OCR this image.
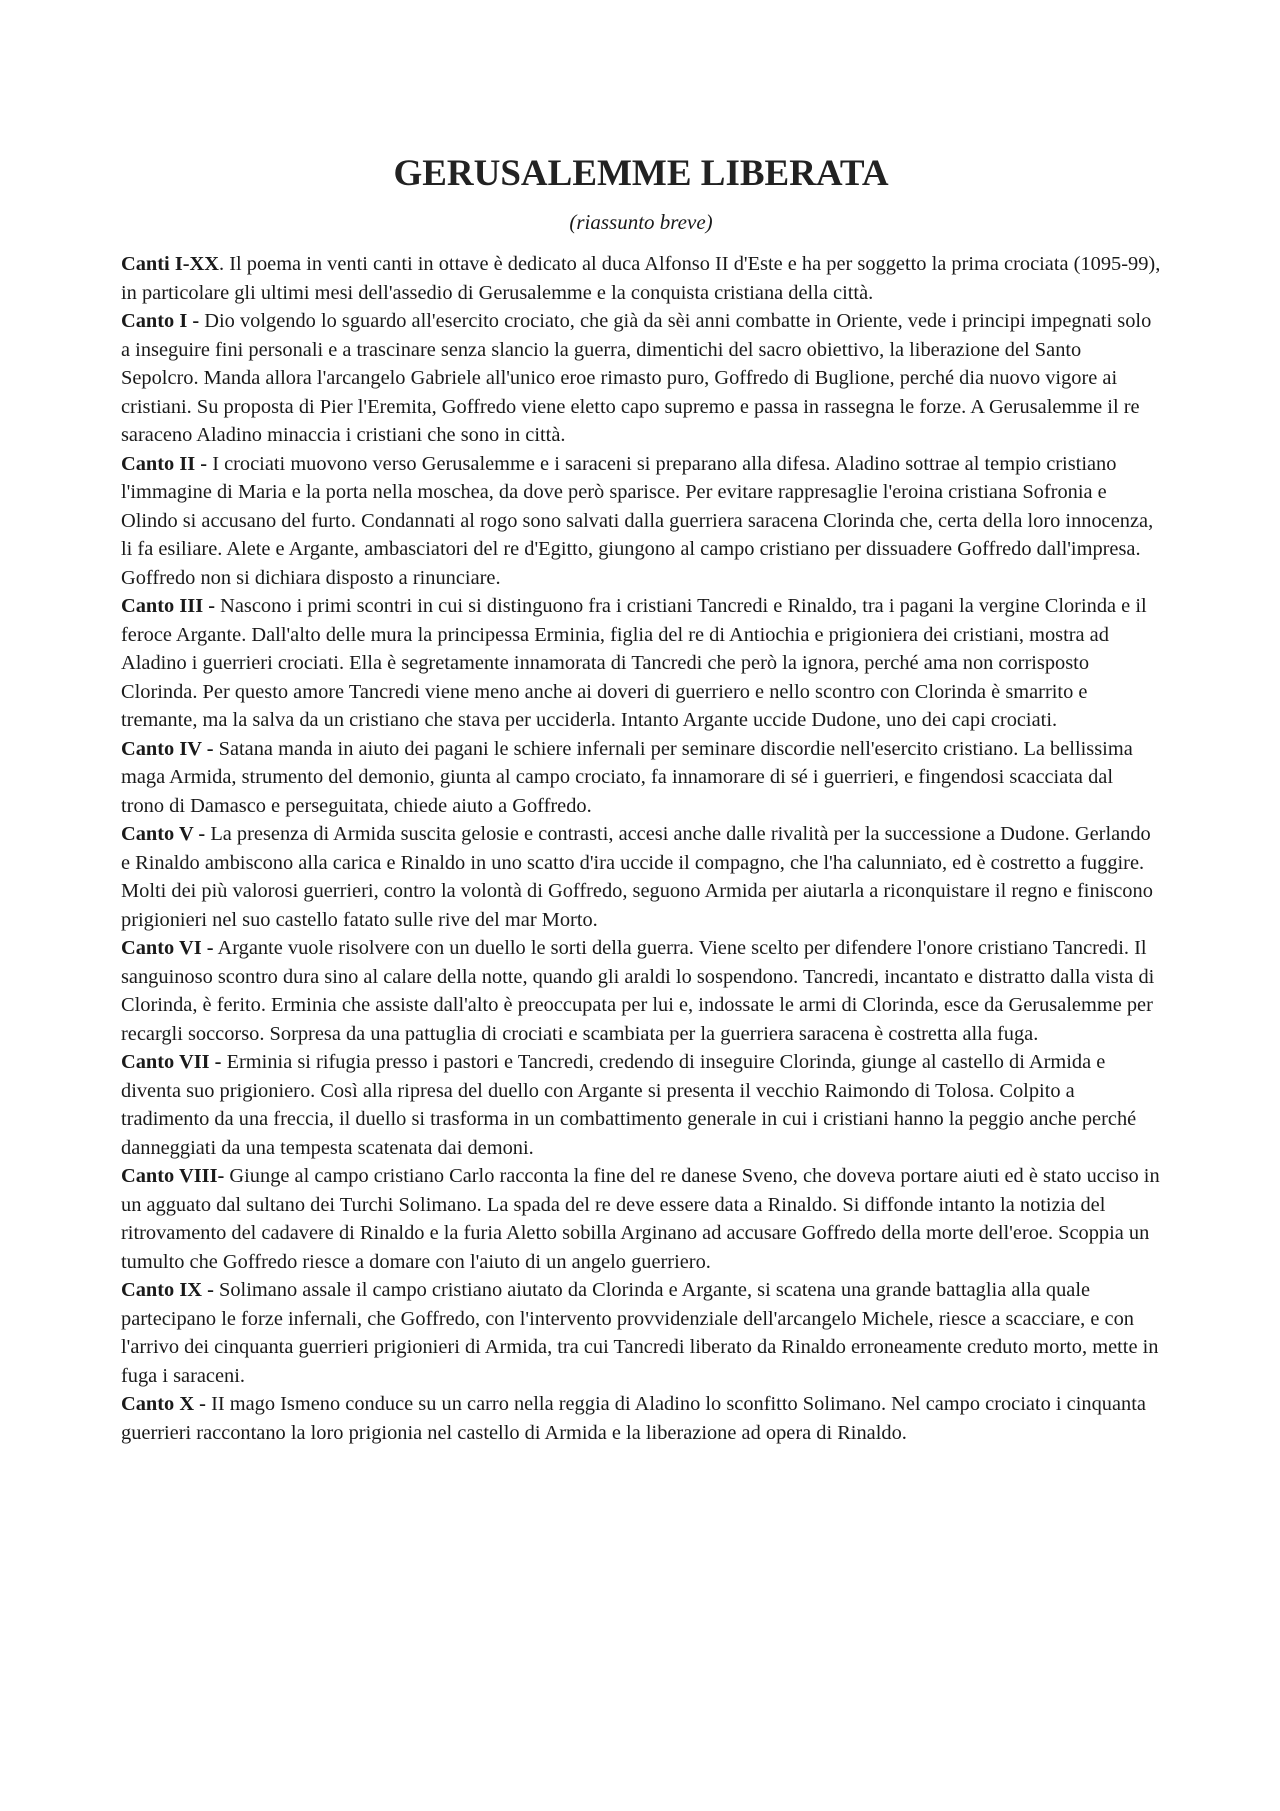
GERUSALEMME LIBERATA
(riassunto breve)

Canti I-XX. Il poema in venti canti in ottave è dedicato al duca Alfonso II d'Este e ha per soggetto la prima crociata (1095-99), in particolare gli ultimi mesi dell'assedio di Gerusalemme e la conquista cristiana della città.

Canto I - Dio volgendo lo sguardo all'esercito crociato, che già da sèi anni combatte in Oriente, vede i principi impegnati solo a inseguire fini personali e a trascinare senza slancio la guerra, dimentichi del sacro obiettivo, la liberazione del Santo Sepolcro. Manda allora l'arcangelo Gabriele all'unico eroe rimasto puro, Goffredo di Buglione, perché dia nuovo vigore ai cristiani. Su proposta di Pier l'Eremita, Goffredo viene eletto capo supremo e passa in rassegna le forze. A Gerusalemme il re saraceno Aladino minaccia i cristiani che sono in città.

Canto II - I crociati muovono verso Gerusalemme e i saraceni si preparano alla difesa. Aladino sottrae al tempio cristiano l'immagine di Maria e la porta nella moschea, da dove però sparisce. Per evitare rappresaglie l'eroina cristiana Sofronia e Olindo si accusano del furto. Condannati al rogo sono salvati dalla guerriera saracena Clorinda che, certa della loro innocenza, li fa esiliare. Alete e Argante, ambasciatori del re d'Egitto, giungono al campo cristiano per dissuadere Goffredo dall'impresa. Goffredo non si dichiara disposto a rinunciare.

Canto III - Nascono i primi scontri in cui si distinguono fra i cristiani Tancredi e Rinaldo, tra i pagani la vergine Clorinda e il feroce Argante. Dall'alto delle mura la principessa Erminia, figlia del re di Antiochia e prigioniera dei cristiani, mostra ad Aladino i guerrieri crociati. Ella è segretamente innamorata di Tancredi che però la ignora, perché ama non corrisposto Clorinda. Per questo amore Tancredi viene meno anche ai doveri di guerriero e nello scontro con Clorinda è smarrito e tremante, ma la salva da un cristiano che stava per ucciderla. Intanto Argante uccide Dudone, uno dei capi crociati.

Canto IV - Satana manda in aiuto dei pagani le schiere infernali per seminare discordie nell'esercito cristiano. La bellissima maga Armida, strumento del demonio, giunta al campo crociato, fa innamorare di sé i guerrieri, e fingendosi scacciata dal trono di Damasco e perseguitata, chiede aiuto a Goffredo.

Canto V - La presenza di Armida suscita gelosie e contrasti, accesi anche dalle rivalità per la successione a Dudone. Gerlando e Rinaldo ambiscono alla carica e Rinaldo in uno scatto d'ira uccide il compagno, che l'ha calunniato, ed è costretto a fuggire. Molti dei più valorosi guerrieri, contro la volontà di Goffredo, seguono Armida per aiutarla a riconquistare il regno e finiscono prigionieri nel suo castello fatato sulle rive del mar Morto.

Canto VI - Argante vuole risolvere con un duello le sorti della guerra. Viene scelto per difendere l'onore cristiano Tancredi. Il sanguinoso scontro dura sino al calare della notte, quando gli araldi lo sospendono. Tancredi, incantato e distratto dalla vista di Clorinda, è ferito. Erminia che assiste dall'alto è preoccupata per lui e, indossate le armi di Clorinda, esce da Gerusalemme per recargli soccorso. Sorpresa da una pattuglia di crociati e scambiata per la guerriera saracena è costretta alla fuga.

Canto VII - Erminia si rifugia presso i pastori e Tancredi, credendo di inseguire Clorinda, giunge al castello di Armida e diventa suo prigioniero. Così alla ripresa del duello con Argante si presenta il vecchio Raimondo di Tolosa. Colpito a tradimento da una freccia, il duello si trasforma in un combattimento generale in cui i cristiani hanno la peggio anche perché danneggiati da una tempesta scatenata dai demoni.

Canto VIII- Giunge al campo cristiano Carlo racconta la fine del re danese Sveno, che doveva portare aiuti ed è stato ucciso in un agguato dal sultano dei Turchi Solimano. La spada del re deve essere data a Rinaldo. Si diffonde intanto la notizia del ritrovamento del cadavere di Rinaldo e la furia Aletto sobilla Arginano ad accusare Goffredo della morte dell'eroe. Scoppia un tumulto che Goffredo riesce a domare con l'aiuto di un angelo guerriero.

Canto IX - Solimano assale il campo cristiano aiutato da Clorinda e Argante, si scatena una grande battaglia alla quale partecipano le forze infernali, che Goffredo, con l'intervento provvidenziale dell'arcangelo Michele, riesce a scacciare, e con l'arrivo dei cinquanta guerrieri prigionieri di Armida, tra cui Tancredi liberato da Rinaldo erroneamente creduto morto, mette in fuga i saraceni.

Canto X - II mago Ismeno conduce su un carro nella reggia di Aladino lo sconfitto Solimano. Nel campo crociato i cinquanta guerrieri raccontano la loro prigionia nel castello di Armida e la liberazione ad opera di Rinaldo.
